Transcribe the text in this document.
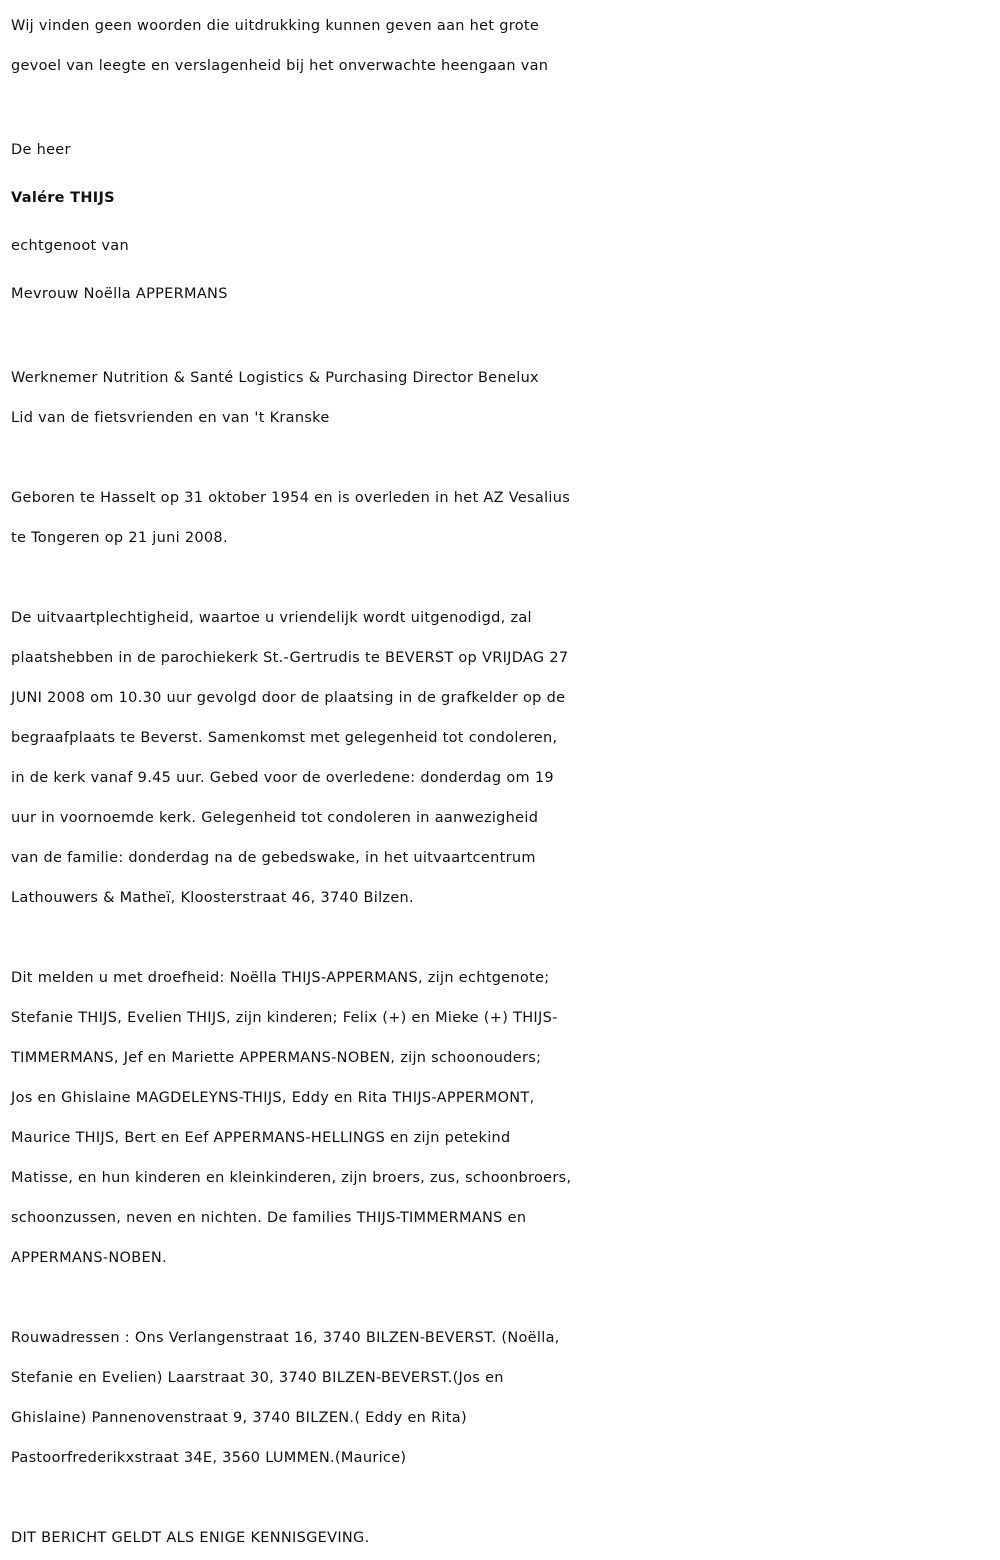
Wij vinden geen woorden die uitdrukking kunnen geven aan het grote

gevoel van leegte en verslagenheid bij het onverwachte heengaan van

De heer

Valére THIJS

echtgenoot van

Mevrouw Noëlla APPERMANS

Werknemer Nutrition & Santé Logistics & Purchasing Director Benelux

Lid van de fietsvrienden en van 't Kranske

Geboren te Hasselt op 31 oktober 1954 en is overleden in het AZ Vesalius

te Tongeren op 21 juni 2008.

De uitvaartplechtigheid, waartoe u vriendelijk wordt uitgenodigd, zal

plaatshebben in de parochiekerk St.-Gertrudis te BEVERST op VRIJDAG 27

JUNI 2008 om 10.30 uur gevolgd door de plaatsing in de grafkelder op de

begraafplaats te Beverst. Samenkomst met gelegenheid tot condoleren,

in de kerk vanaf 9.45 uur. Gebed voor de overledene: donderdag om 19

uur in voornoemde kerk. Gelegenheid tot condoleren in aanwezigheid

van de familie: donderdag na de gebedswake, in het uitvaartcentrum

Lathouwers & Matheï, Kloosterstraat 46, 3740 Bilzen.

Dit melden u met droefheid: Noëlla THIJS-APPERMANS, zijn echtgenote;

Stefanie THIJS, Evelien THIJS, zijn kinderen; Felix (+) en Mieke (+) THIJS-

TIMMERMANS, Jef en Mariette APPERMANS-NOBEN, zijn schoonouders;

Jos en Ghislaine MAGDELEYNS-THIJS, Eddy en Rita THIJS-APPERMONT,

Maurice THIJS, Bert en Eef APPERMANS-HELLINGS en zijn petekind

Matisse, en hun kinderen en kleinkinderen, zijn broers, zus, schoonbroers,

schoonzussen, neven en nichten. De families THIJS-TIMMERMANS en

APPERMANS-NOBEN.

Rouwadressen : Ons Verlangenstraat 16, 3740 BILZEN-BEVERST. (Noëlla,

Stefanie en Evelien) Laarstraat 30, 3740 BILZEN-BEVERST.(Jos en

Ghislaine) Pannenovenstraat 9, 3740 BILZEN.( Eddy en Rita)

Pastoorfrederikxstraat 34E, 3560 LUMMEN.(Maurice)

DIT BERICHT GELDT ALS ENIGE KENNISGEVING.
